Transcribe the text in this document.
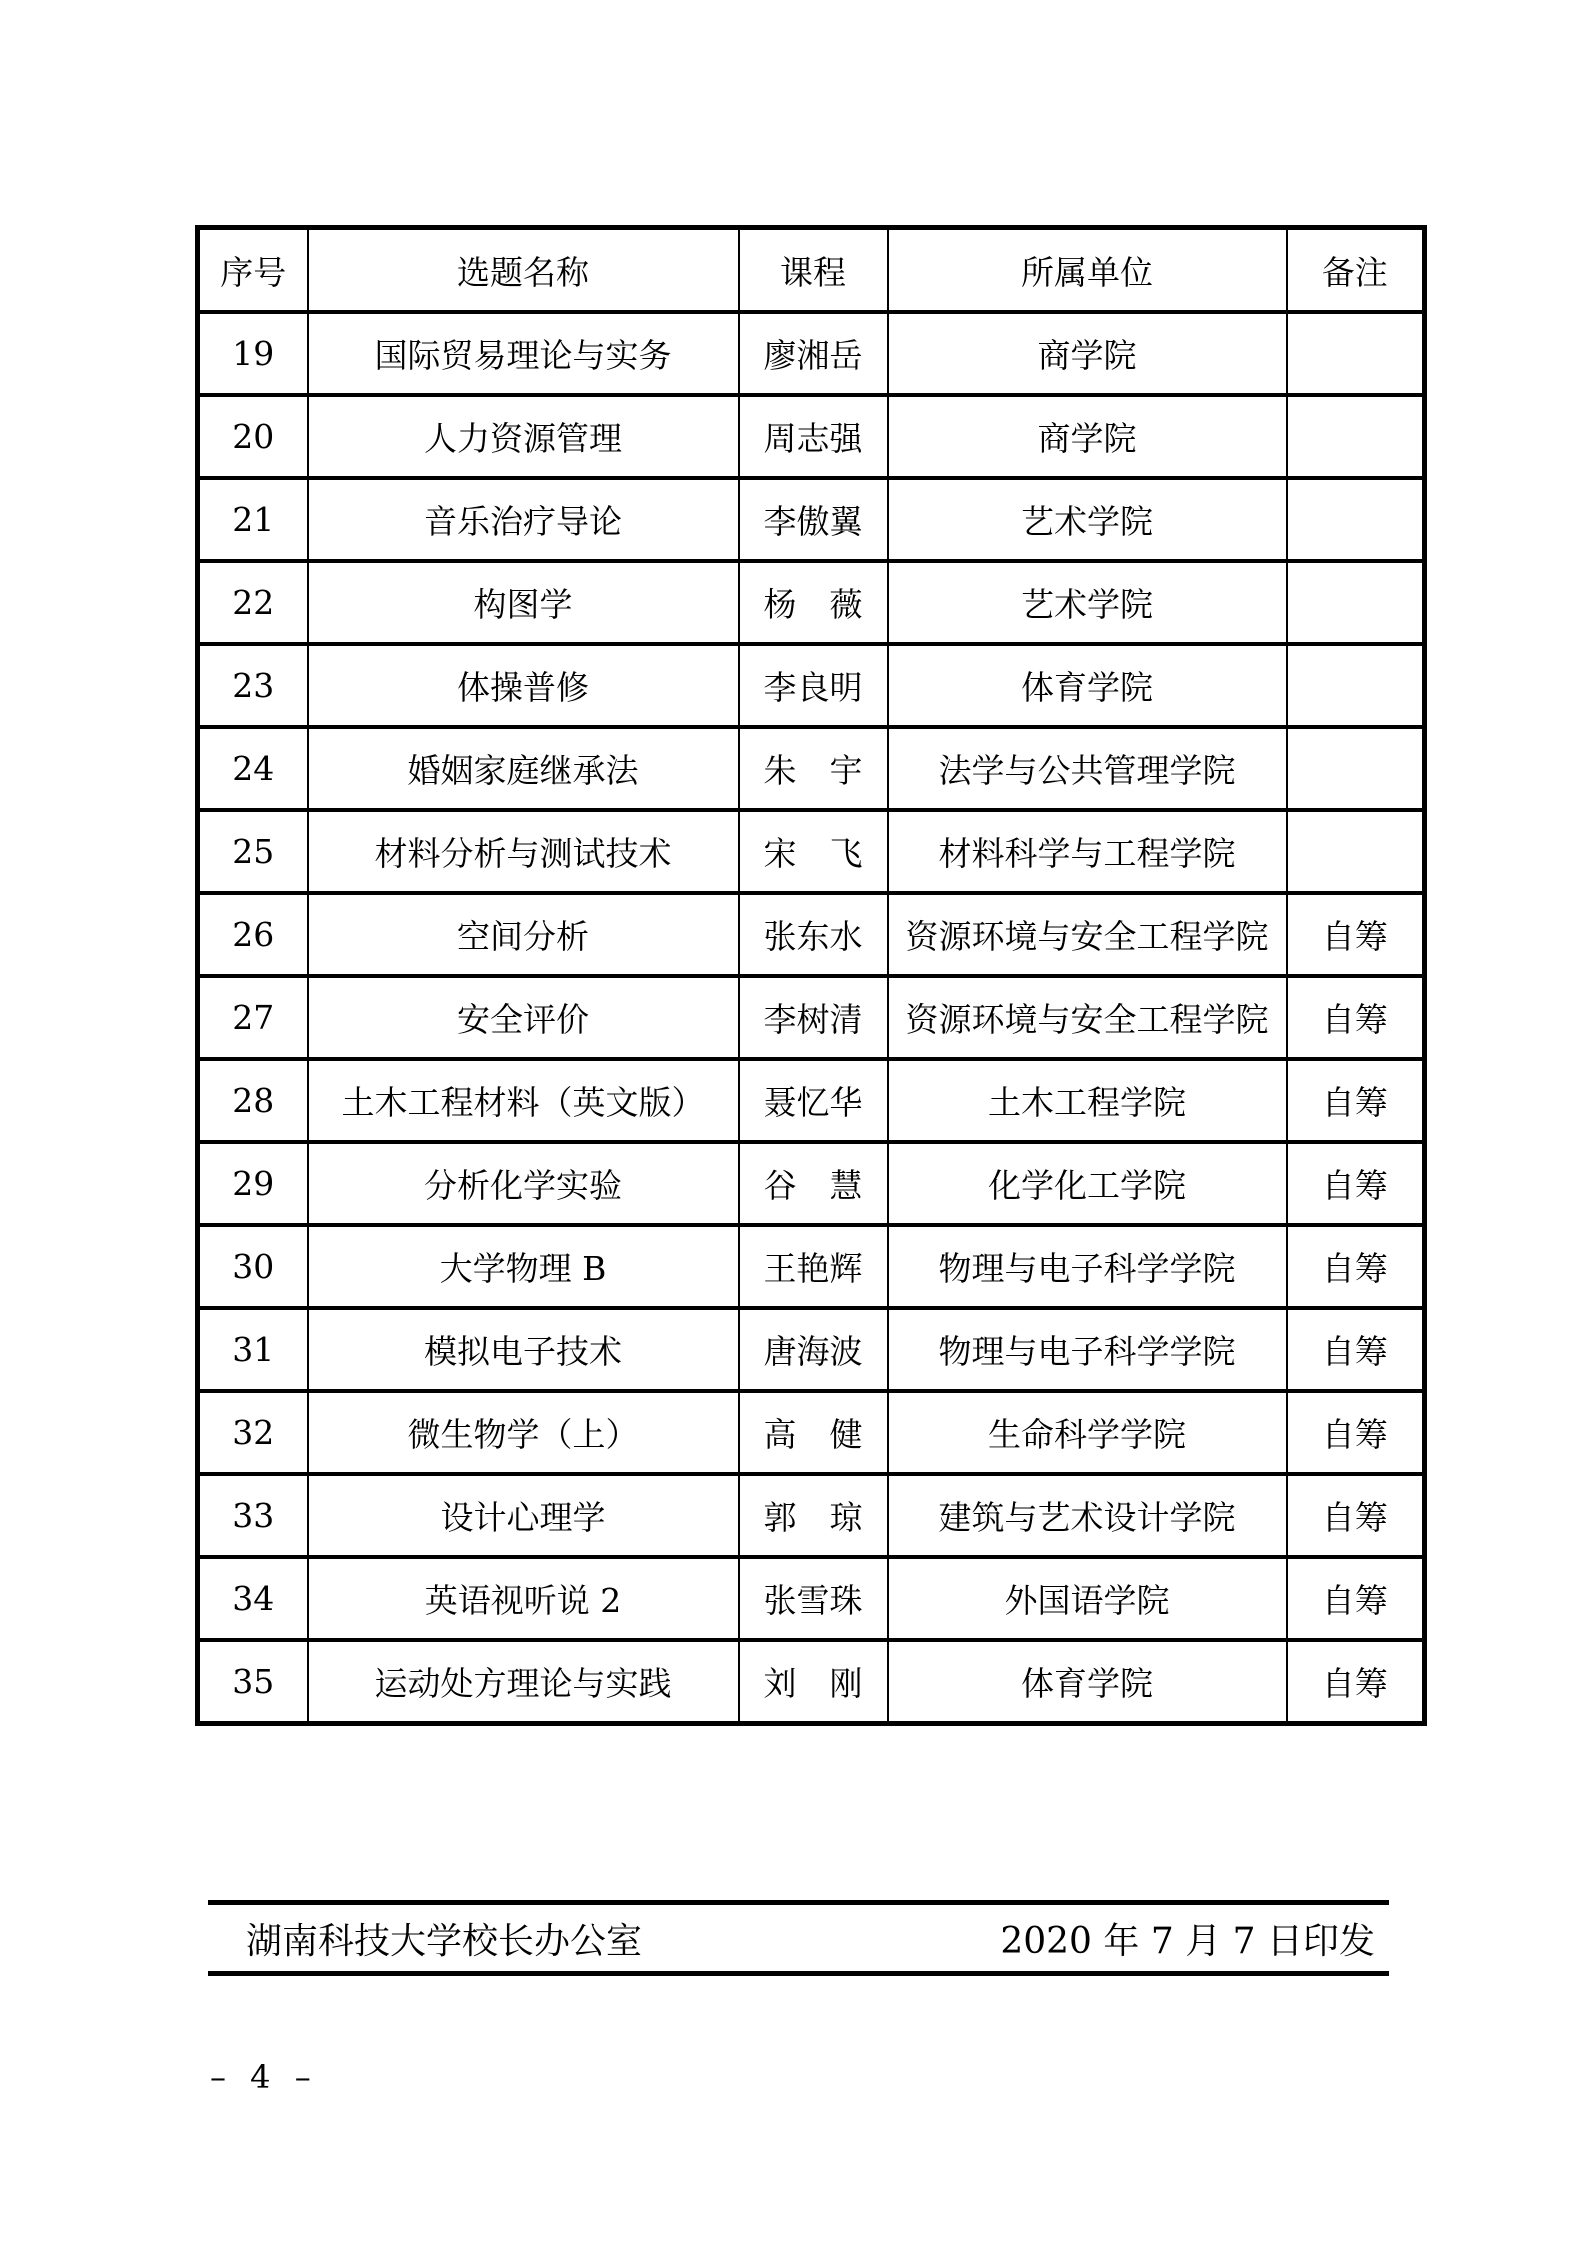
序号	选题名称	课程	所属单位	备注
19	国际贸易理论与实务	廖湘岳	商学院	
20	人力资源管理	周志强	商学院	
21	音乐治疗导论	李傲翼	艺术学院	
22	构图学	杨　薇	艺术学院	
23	体操普修	李良明	体育学院	
24	婚姻家庭继承法	朱　宇	法学与公共管理学院	
25	材料分析与测试技术	宋　飞	材料科学与工程学院	
26	空间分析	张东水	资源环境与安全工程学院	自筹
27	安全评价	李树清	资源环境与安全工程学院	自筹
28	土木工程材料（英文版）	聂忆华	土木工程学院	自筹
29	分析化学实验	谷　慧	化学化工学院	自筹
30	大学物理 B	王艳辉	物理与电子科学学院	自筹
31	模拟电子技术	唐海波	物理与电子科学学院	自筹
32	微生物学（上）	高　健	生命科学学院	自筹
33	设计心理学	郭　琼	建筑与艺术设计学院	自筹
34	英语视听说 2	张雪珠	外国语学院	自筹
35	运动处方理论与实践	刘　刚	体育学院	自筹
湖南科技大学校长办公室	2020 年 7 月 7 日印发
– 4 –
